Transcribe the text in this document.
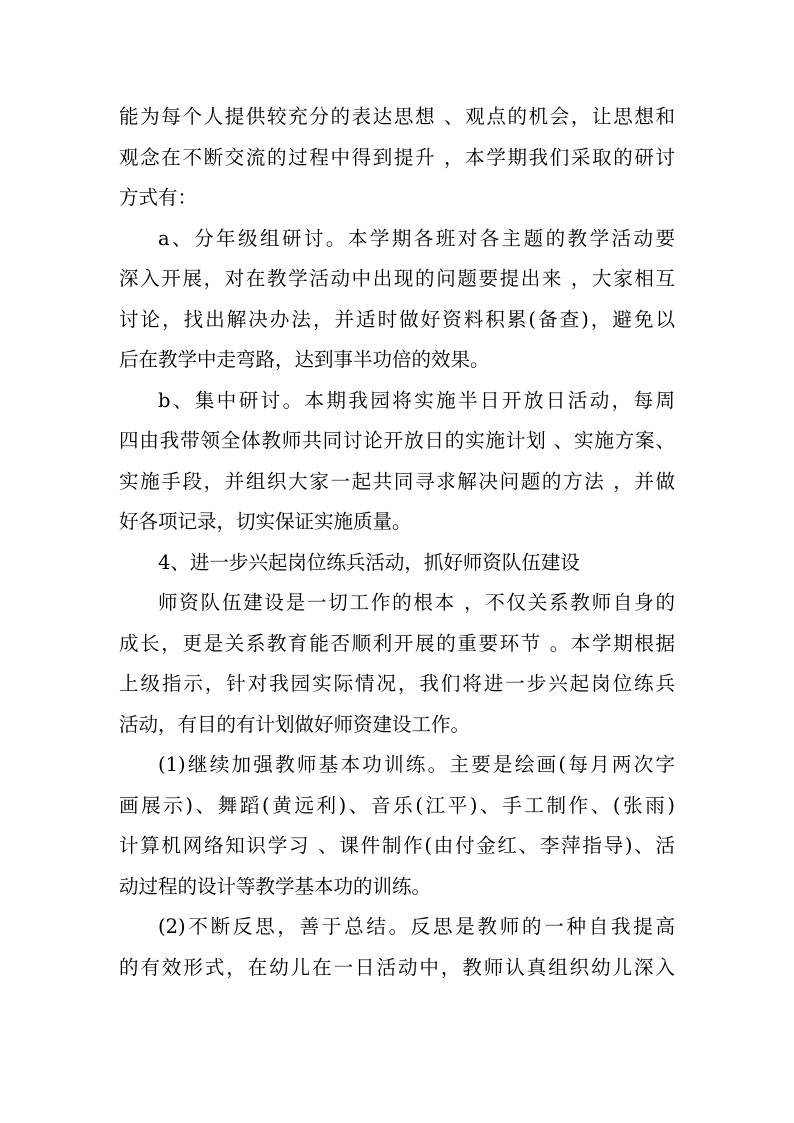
能为每个人提供较充分的表达思想 、观点的机会，让思想和
观念在不断交流的过程中得到提升 ，本学期我们采取的研讨
方式有：
a、分年级组研讨。本学期各班对各主题的教学活动要
深入开展，对在教学活动中出现的问题要提出来 ，大家相互
讨论，找出解决办法，并适时做好资料积累(备查)，避免以
后在教学中走弯路，达到事半功倍的效果。
b、集中研讨。本期我园将实施半日开放日活动，每周
四由我带领全体教师共同讨论开放日的实施计划 、实施方案、
实施手段，并组织大家一起共同寻求解决问题的方法 ，并做
好各项记录，切实保证实施质量。
4、进一步兴起岗位练兵活动，抓好师资队伍建设
师资队伍建设是一切工作的根本 ，不仅关系教师自身的
成长，更是关系教育能否顺利开展的重要环节 。本学期根据
上级指示，针对我园实际情况，我们将进一步兴起岗位练兵
活动，有目的有计划做好师资建设工作。
(1)继续加强教师基本功训练。主要是绘画(每月两次字
画展示)、舞蹈(黄远利)、音乐(江平)、手工制作、(张雨)
计算机网络知识学习 、课件制作(由付金红、李萍指导)、活
动过程的设计等教学基本功的训练。
(2)不断反思，善于总结。反思是教师的一种自我提高
的有效形式，在幼儿在一日活动中，教师认真组织幼儿深入
